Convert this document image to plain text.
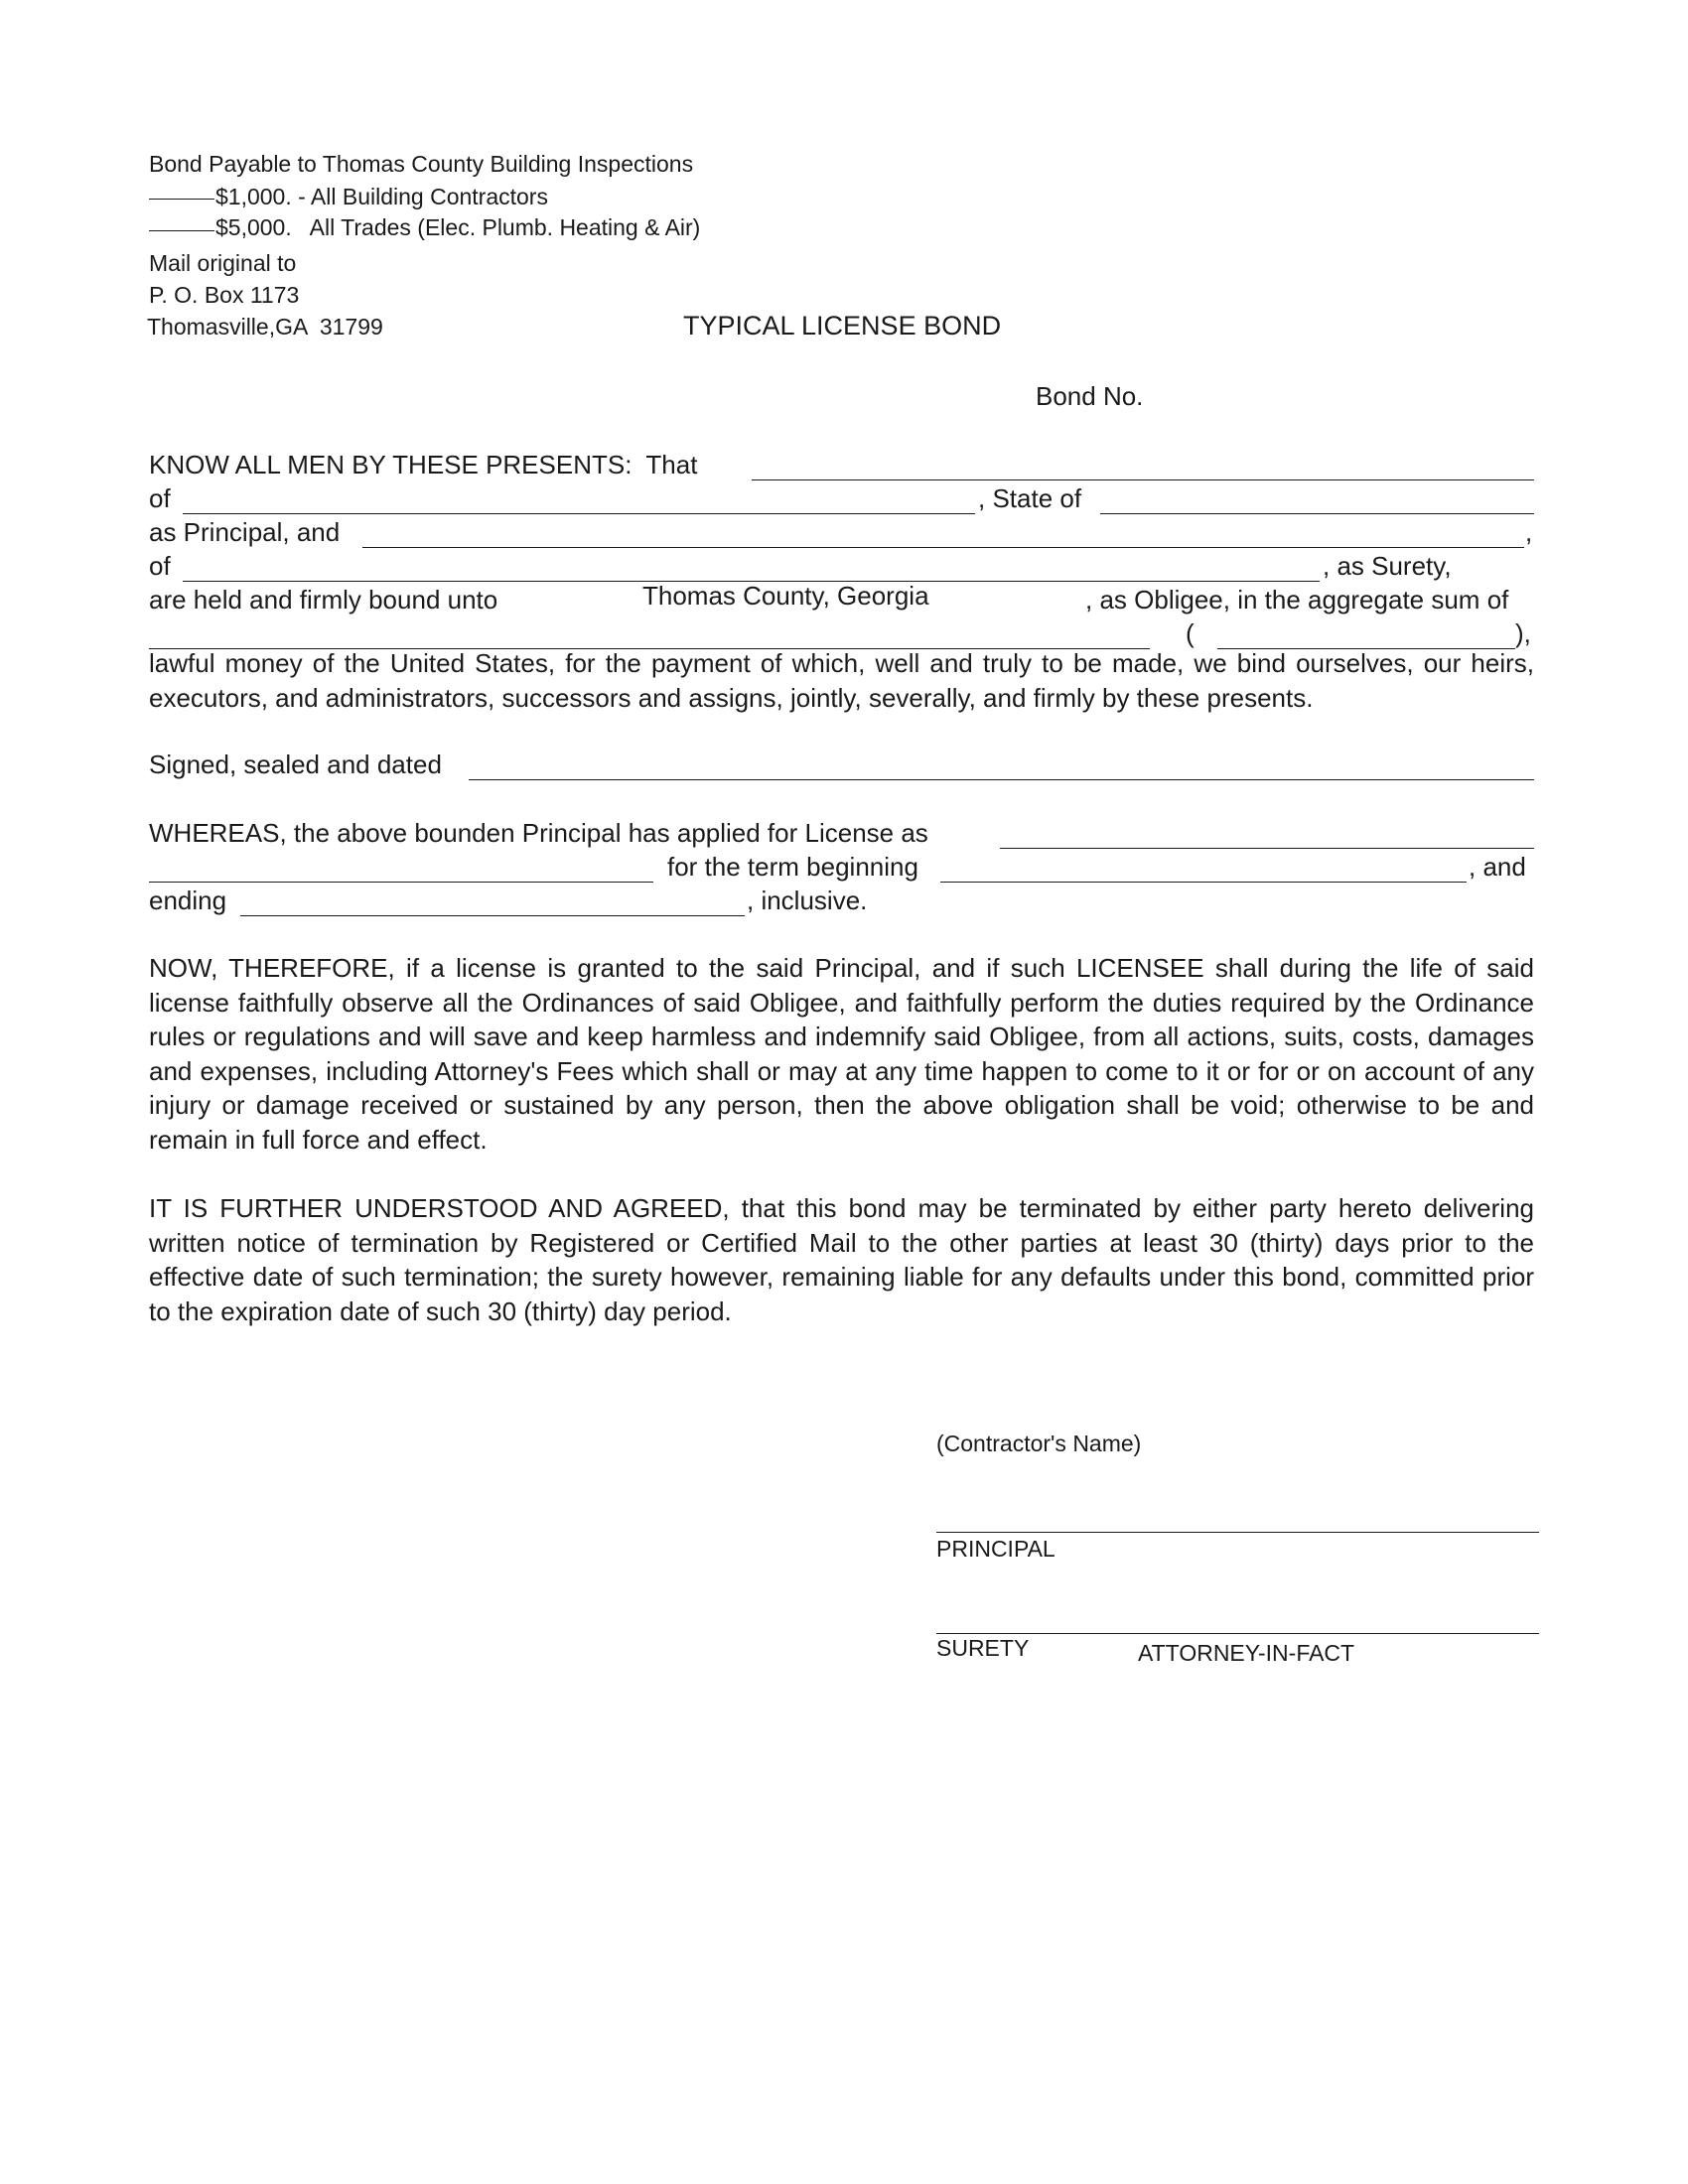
Bond Payable to Thomas County Building Inspections
$1,000. - All Building Contractors
$5,000.   All Trades (Elec. Plumb. Heating & Air)
Mail original to
P. O. Box 1173
Thomasville,GA  31799	TYPICAL LICENSE BOND
Bond No.
KNOW ALL MEN BY THESE PRESENTS:  That
of	, State of
as Principal, and	,
of	, as Surety,
are held and firmly bound unto	Thomas County, Georgia	, as Obligee, in the aggregate sum of
(	),
lawful money of the United States, for the payment of which, well and truly to be made, we bind ourselves, our heirs, executors, and administrators, successors and assigns, jointly, severally, and firmly by these presents.
Signed, sealed and dated
WHEREAS, the above bounden Principal has applied for License as
for the term beginning	, and
ending	, inclusive.
NOW, THEREFORE, if a license is granted to the said Principal, and if such LICENSEE shall during the life of said license faithfully observe all the Ordinances of said Obligee, and faithfully perform the duties required by the Ordinance rules or regulations and will save and keep harmless and indemnify said Obligee, from all actions, suits, costs, damages and expenses, including Attorney's Fees which shall or may at any time happen to come to it or for or on account of any injury or damage received or sustained by any person, then the above obligation shall be void; otherwise to be and remain in full force and effect.
IT IS FURTHER UNDERSTOOD AND AGREED, that this bond may be terminated by either party hereto delivering written notice of termination by Registered or Certified Mail to the other parties at least 30 (thirty) days prior to the effective date of such termination; the surety however, remaining liable for any defaults under this bond, committed prior to the expiration date of such 30 (thirty) day period.
(Contractor's Name)
PRINCIPAL
SURETY	ATTORNEY-IN-FACT
